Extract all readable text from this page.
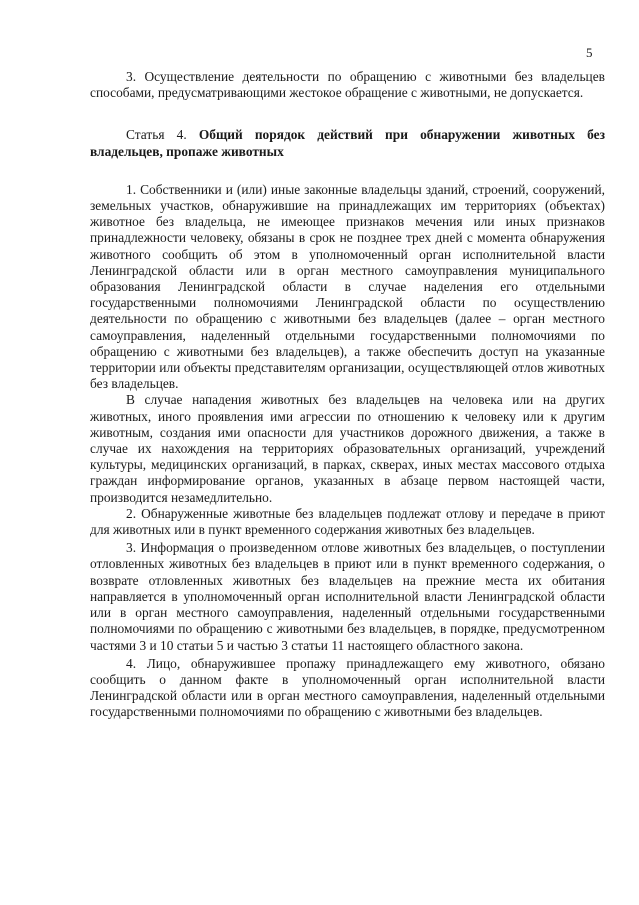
5

3. Осуществление деятельности по обращению с животными без владельцев способами, предусматривающими жестокое обращение с животными, не допускается.

Статья 4. Общий порядок действий при обнаружении животных без владельцев, пропаже животных

1. Собственники и (или) иные законные владельцы зданий, строений, сооружений, земельных участков, обнаружившие на принадлежащих им территориях (объектах) животное без владельца, не имеющее признаков мечения или иных признаков принадлежности человеку, обязаны в срок не позднее трех дней с момента обнаружения животного сообщить об этом в уполномоченный орган исполнительной власти Ленинградской области или в орган местного самоуправления муниципального образования Ленинградской области в случае наделения его отдельными государственными полномочиями Ленинградской области по осуществлению деятельности по обращению с животными без владельцев (далее – орган местного самоуправления, наделенный отдельными государственными полномочиями по обращению с животными без владельцев), а также обеспечить доступ на указанные территории или объекты представителям организации, осуществляющей отлов животных без владельцев.

В случае нападения животных без владельцев на человека или на других животных, иного проявления ими агрессии по отношению к человеку или к другим животным, создания ими опасности для участников дорожного движения, а также в случае их нахождения на территориях образовательных организаций, учреждений культуры, медицинских организаций, в парках, скверах, иных местах массового отдыха граждан информирование органов, указанных в абзаце первом настоящей части, производится незамедлительно.

2. Обнаруженные животные без владельцев подлежат отлову и передаче в приют для животных или в пункт временного содержания животных без владельцев.

3. Информация о произведенном отлове животных без владельцев, о поступлении отловленных животных без владельцев в приют или в пункт временного содержания, о возврате отловленных животных без владельцев на прежние места их обитания направляется в уполномоченный орган исполнительной власти Ленинградской области или в орган местного самоуправления, наделенный отдельными государственными полномочиями по обращению с животными без владельцев, в порядке, предусмотренном частями 3 и 10 статьи 5 и частью 3 статьи 11 настоящего областного закона.

4. Лицо, обнаружившее пропажу принадлежащего ему животного, обязано сообщить о данном факте в уполномоченный орган исполнительной власти Ленинградской области или в орган местного самоуправления, наделенный отдельными государственными полномочиями по обращению с животными без владельцев.
